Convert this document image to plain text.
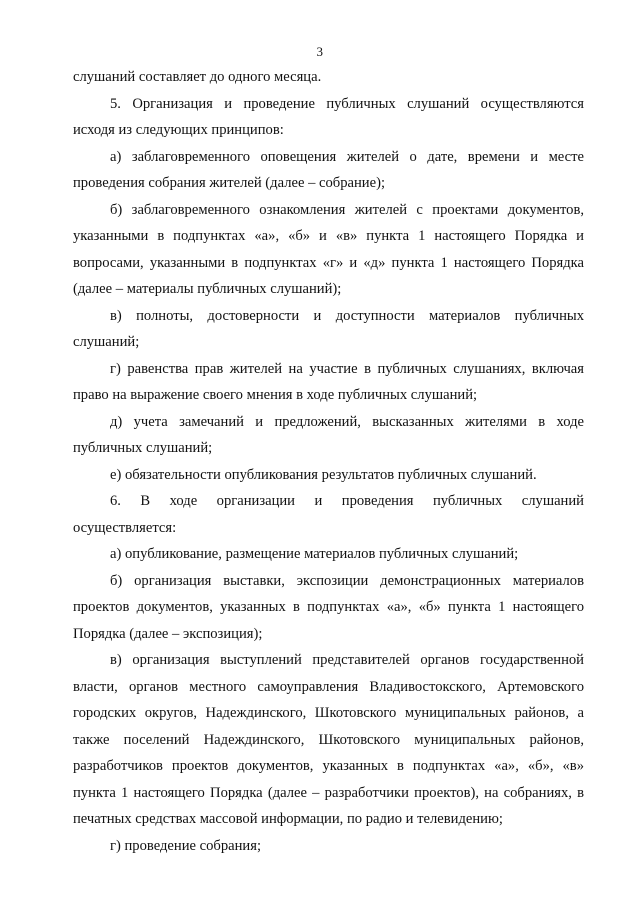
3
слушаний составляет до одного месяца.
5. Организация и проведение публичных слушаний осуществляются
исходя из следующих принципов:
а) заблаговременного оповещения жителей о дате, времени и месте
проведения собрания жителей (далее – собрание);
б) заблаговременного ознакомления жителей с проектами документов,
указанными в подпунктах «а», «б» и «в» пункта 1 настоящего Порядка и
вопросами, указанными в подпунктах «г» и «д» пункта 1 настоящего Порядка
(далее – материалы публичных слушаний);
в) полноты, достоверности и доступности материалов публичных
слушаний;
г) равенства прав жителей на участие в публичных слушаниях, включая
право на выражение своего мнения в ходе публичных слушаний;
д) учета замечаний и предложений, высказанных жителями в ходе
публичных слушаний;
е) обязательности опубликования результатов публичных слушаний.
6. В ходе организации и проведения публичных слушаний
осуществляется:
а) опубликование, размещение материалов публичных слушаний;
б) организация выставки, экспозиции демонстрационных материалов
проектов документов, указанных в подпунктах «а», «б» пункта 1 настоящего
Порядка (далее – экспозиция);
в) организация выступлений представителей органов государственной
власти, органов местного самоуправления Владивостокского, Артемовского
городских округов, Надеждинского, Шкотовского муниципальных районов, а
также поселений Надеждинского, Шкотовского муниципальных районов,
разработчиков проектов документов, указанных в подпунктах «а», «б», «в»
пункта 1 настоящего Порядка (далее – разработчики проектов), на собраниях, в
печатных средствах массовой информации, по радио и телевидению;
г) проведение собрания;
